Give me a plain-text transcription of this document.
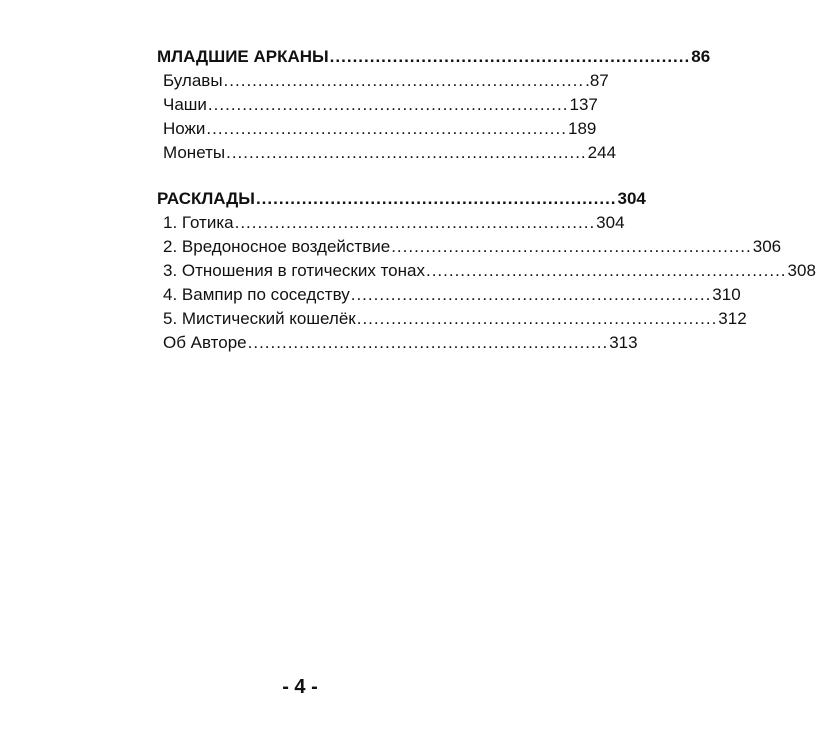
МЛАДШИЕ АРКАНЫ ............................................................... 86
Булавы ............................................................... .87
Чаши ............................................................... 137
Ножи ............................................................... 189
Монеты ............................................................... 244
РАСКЛАДЫ ............................................................... 304
1. Готика ............................................................... 304
2. Вредоносное воздействие ............................................................... 306
3. Отношения в готических тонах ............................................................... 308
4. Вампир по соседству ............................................................... 310
5. Мистический кошелёк ............................................................... 312
Об Авторе ............................................................... 313
- 4 -
